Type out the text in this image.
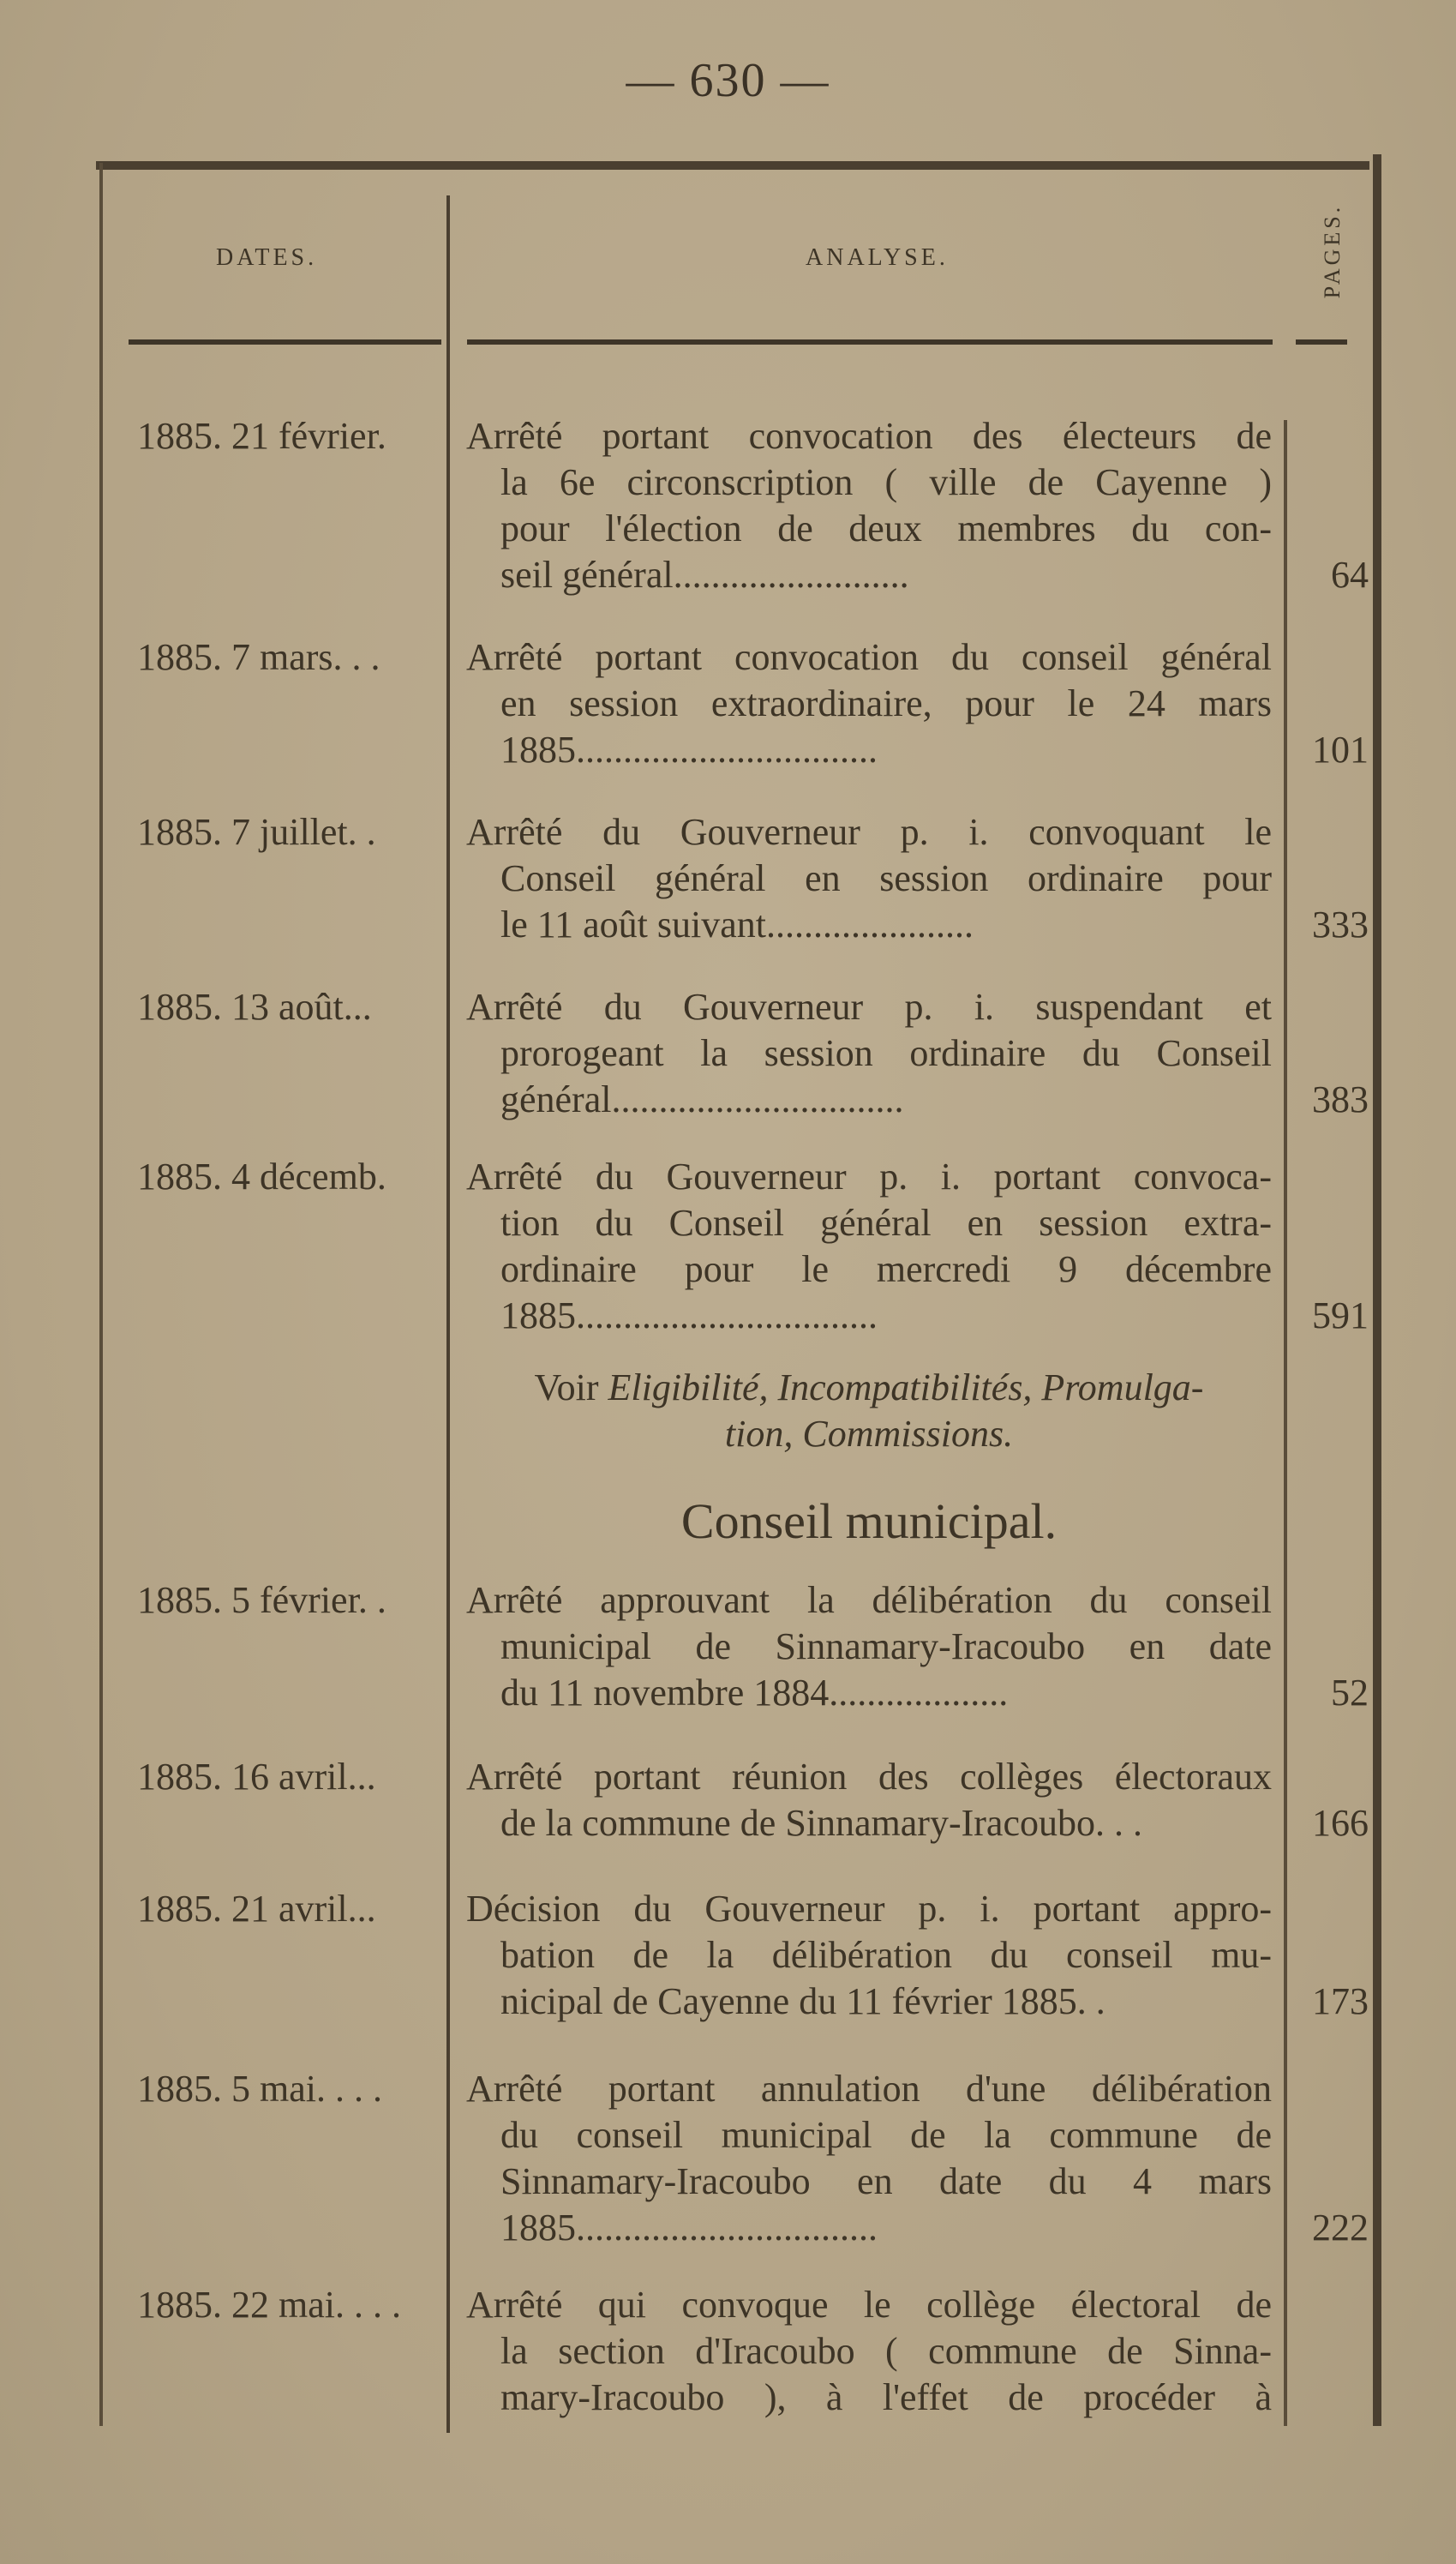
— 630 —
DATES.	ANALYSE.	PAGES.
1885. 21 février.	Arrêté portant convocation des électeurs de
la 6e circonscription ( ville de Cayenne )
pour l'élection de deux membres du con-
seil général.........................	64
1885. 7 mars. . .	Arrêté portant convocation du conseil général
en session extraordinaire, pour le 24 mars
1885................................	101
1885. 7 juillet. .	Arrêté du Gouverneur p. i. convoquant le
Conseil général en session ordinaire pour
le 11 août suivant......................	333
1885. 13 août...	Arrêté du Gouverneur p. i. suspendant et
prorogeant la session ordinaire du Conseil
général...............................	383
1885. 4 décemb.	Arrêté du Gouverneur p. i. portant convoca-
tion du Conseil général en session extra-
ordinaire pour le mercredi 9 décembre
1885................................	591
Voir Eligibilité, Incompatibilités, Promulga-
tion, Commissions.
Conseil municipal.
1885. 5 février. .	Arrêté approuvant la délibération du conseil
municipal de Sinnamary-Iracoubo en date
du 11 novembre 1884...................	52
1885. 16 avril...	Arrêté portant réunion des collèges électoraux
de la commune de Sinnamary-Iracoubo. . .	166
1885. 21 avril...	Décision du Gouverneur p. i. portant appro-
bation de la délibération du conseil mu-
nicipal de Cayenne du 11 février 1885. .	173
1885. 5 mai. . . .	Arrêté portant annulation d'une délibération
du conseil municipal de la commune de
Sinnamary-Iracoubo en date du 4 mars
1885................................	222
1885. 22 mai. . . .	Arrêté qui convoque le collège électoral de
la section d'Iracoubo ( commune de Sinna-
mary-Iracoubo ), à l'effet de procéder à
